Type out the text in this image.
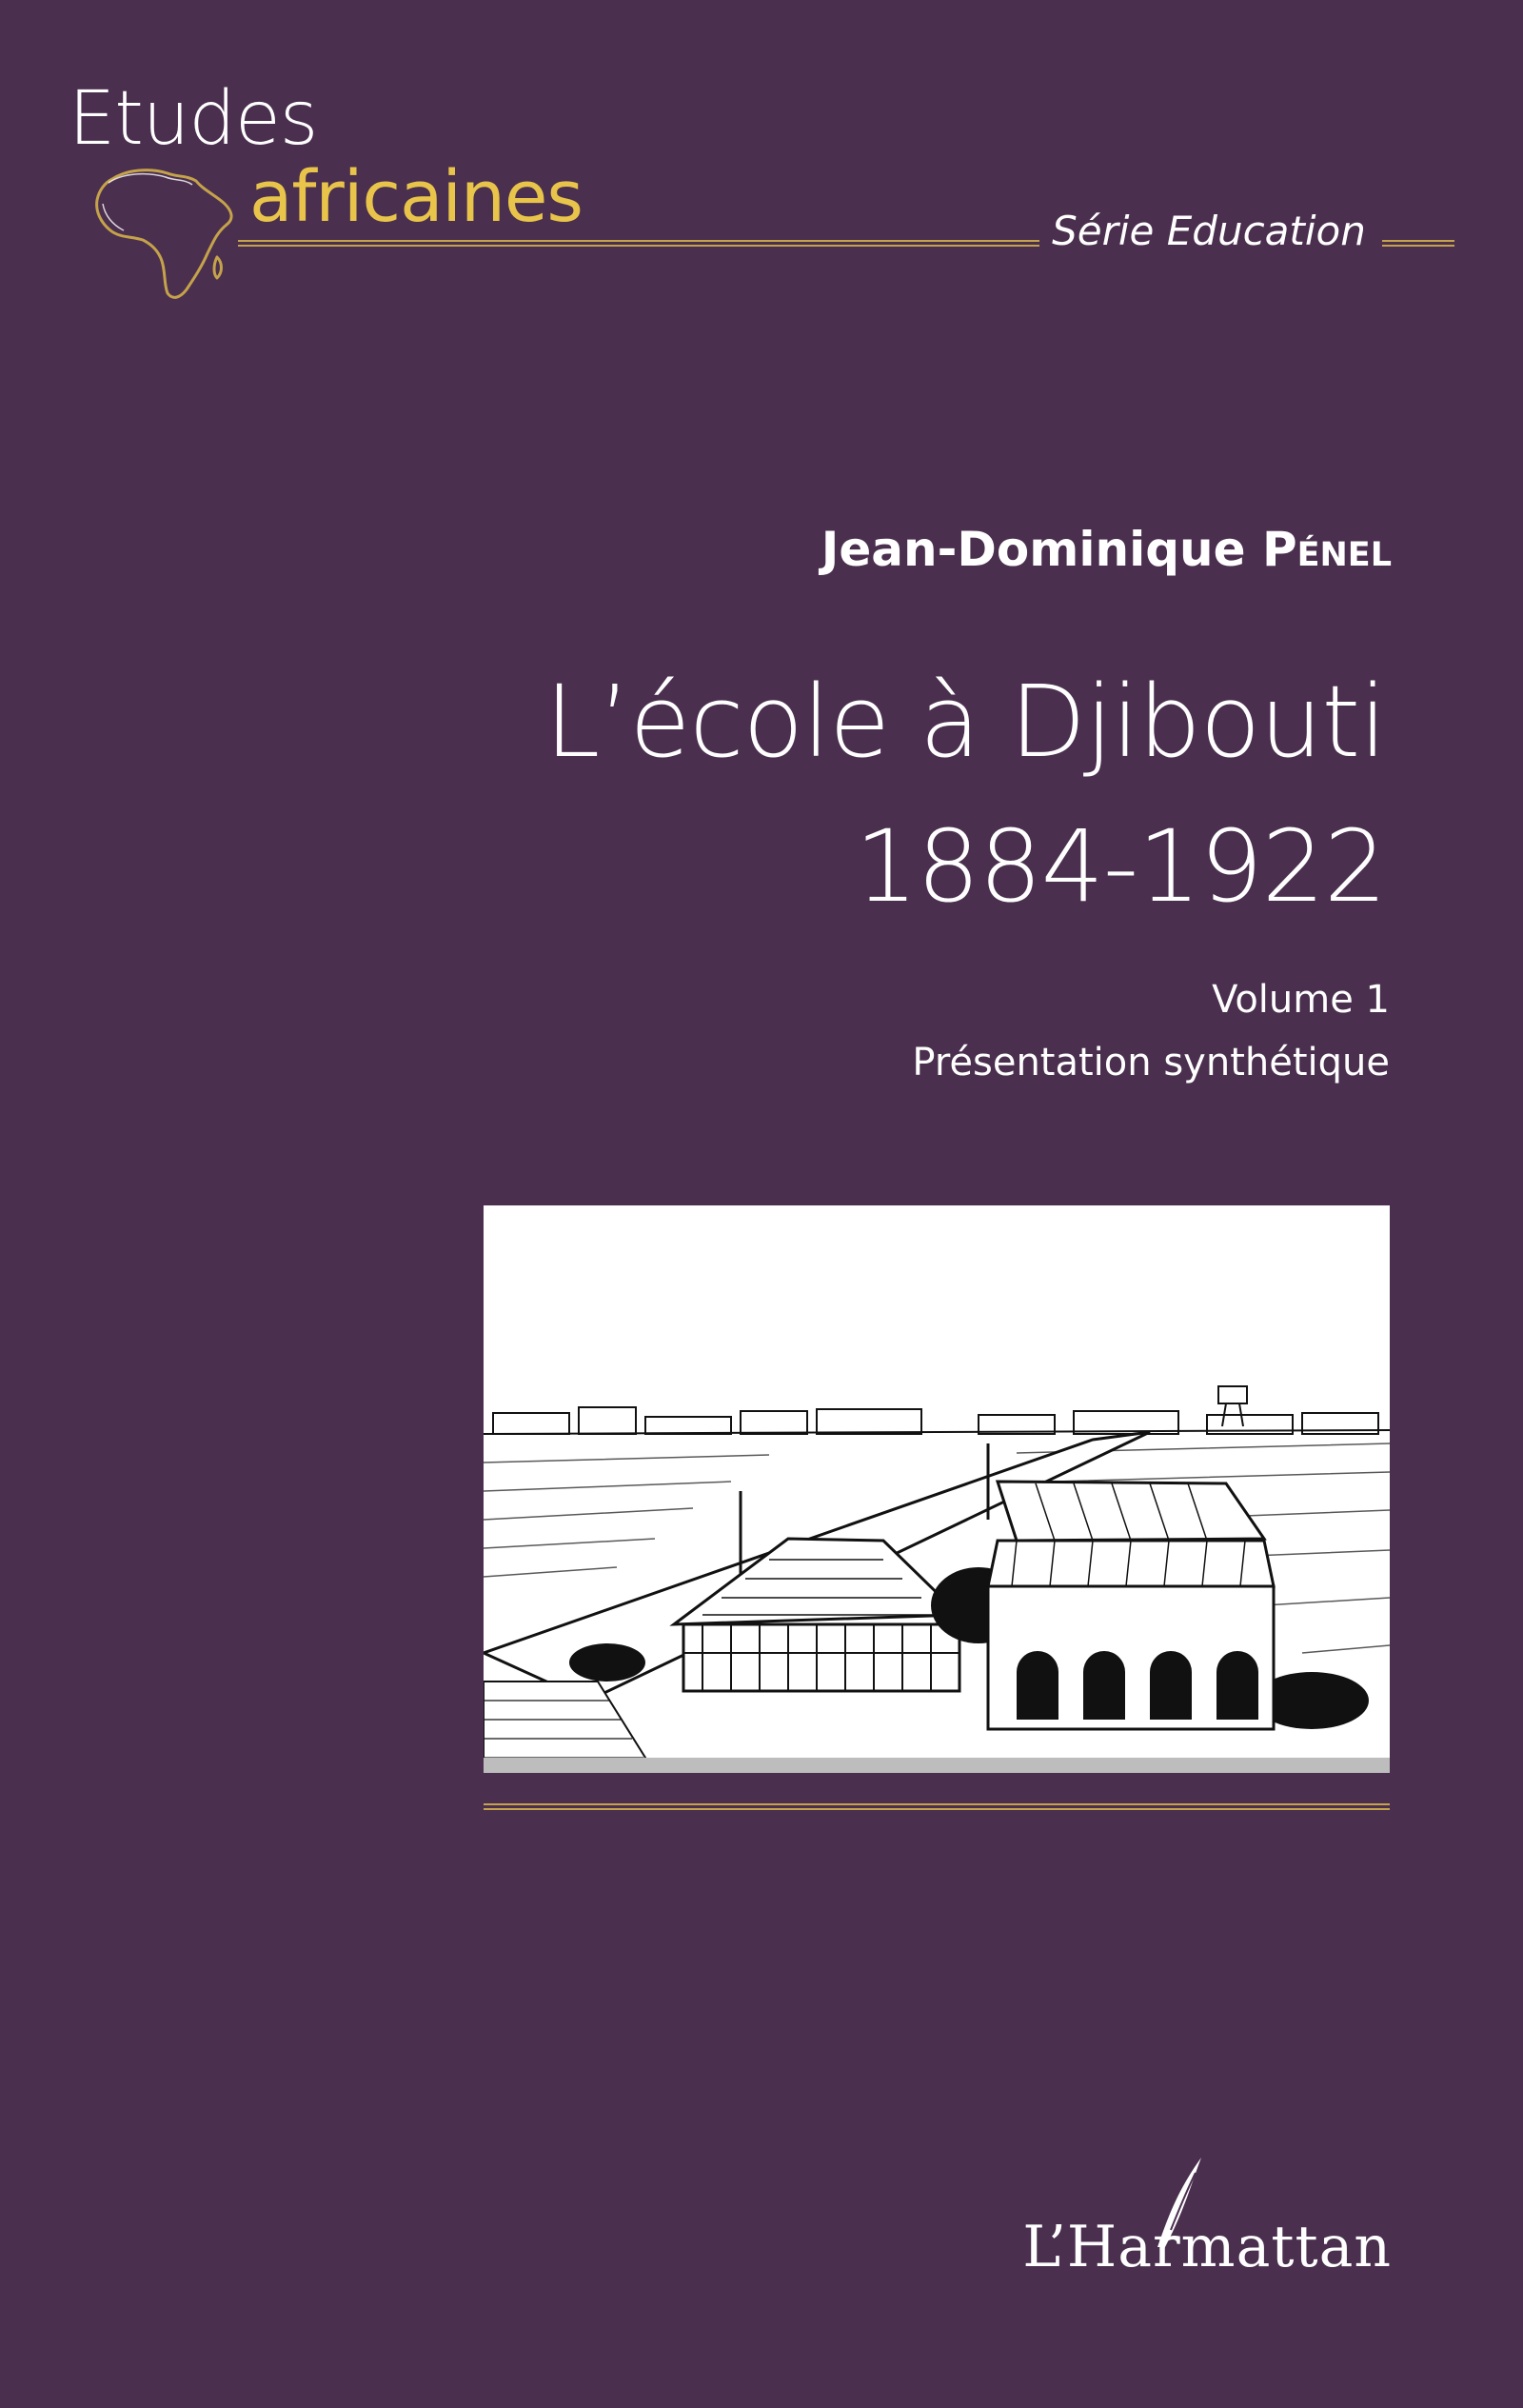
Etudes
africaines	Série Education
Jean-Dominique Pénel
L’école à Djibouti
1884-1922
Volume 1
Présentation synthétique
L’Harmattan
